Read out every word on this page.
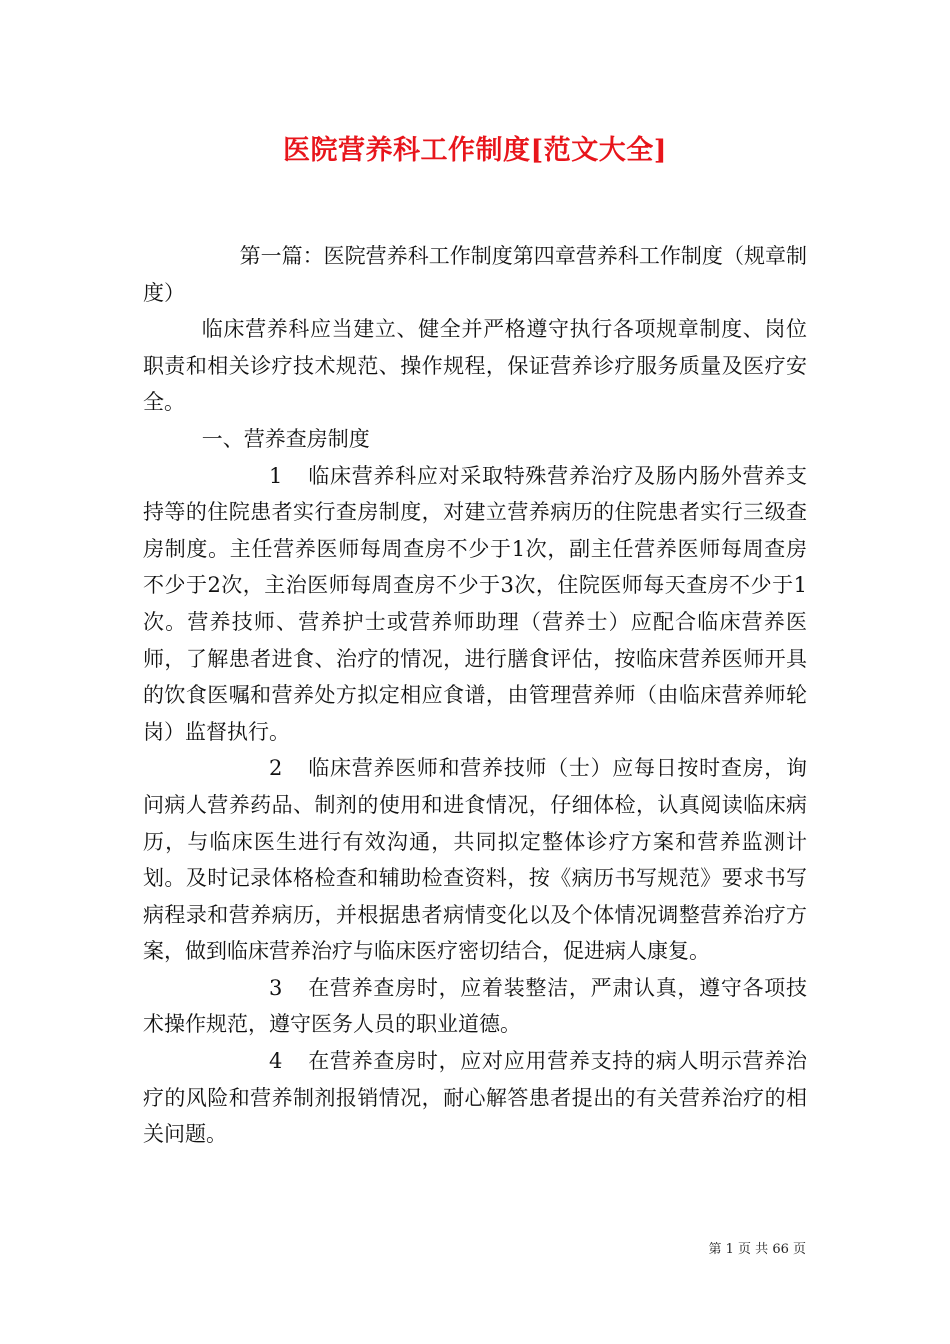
医院营养科工作制度[范文大全]

第一篇：医院营养科工作制度第四章营养科工作制度（规章制度）

临床营养科应当建立、健全并严格遵守执行各项规章制度、岗位职责和相关诊疗技术规范、操作规程，保证营养诊疗服务质量及医疗安全。

一、营养查房制度

1 临床营养科应对采取特殊营养治疗及肠内肠外营养支持等的住院患者实行查房制度，对建立营养病历的住院患者实行三级查房制度。主任营养医师每周查房不少于1次，副主任营养医师每周查房不少于2次，主治医师每周查房不少于3次，住院医师每天查房不少于1次。营养技师、营养护士或营养师助理（营养士）应配合临床营养医师，了解患者进食、治疗的情况，进行膳食评估，按临床营养医师开具的饮食医嘱和营养处方拟定相应食谱，由管理营养师（由临床营养师轮岗）监督执行。

2 临床营养医师和营养技师（士）应每日按时查房，询问病人营养药品、制剂的使用和进食情况，仔细体检，认真阅读临床病历，与临床医生进行有效沟通，共同拟定整体诊疗方案和营养监测计划。及时记录体格检查和辅助检查资料，按《病历书写规范》要求书写病程录和营养病历，并根据患者病情变化以及个体情况调整营养治疗方案，做到临床营养治疗与临床医疗密切结合，促进病人康复。

3 在营养查房时，应着装整洁，严肃认真，遵守各项技术操作规范，遵守医务人员的职业道德。

4 在营养查房时，应对应用营养支持的病人明示营养治疗的风险和营养制剂报销情况，耐心解答患者提出的有关营养治疗的相关问题。

第 1 页 共 66 页
